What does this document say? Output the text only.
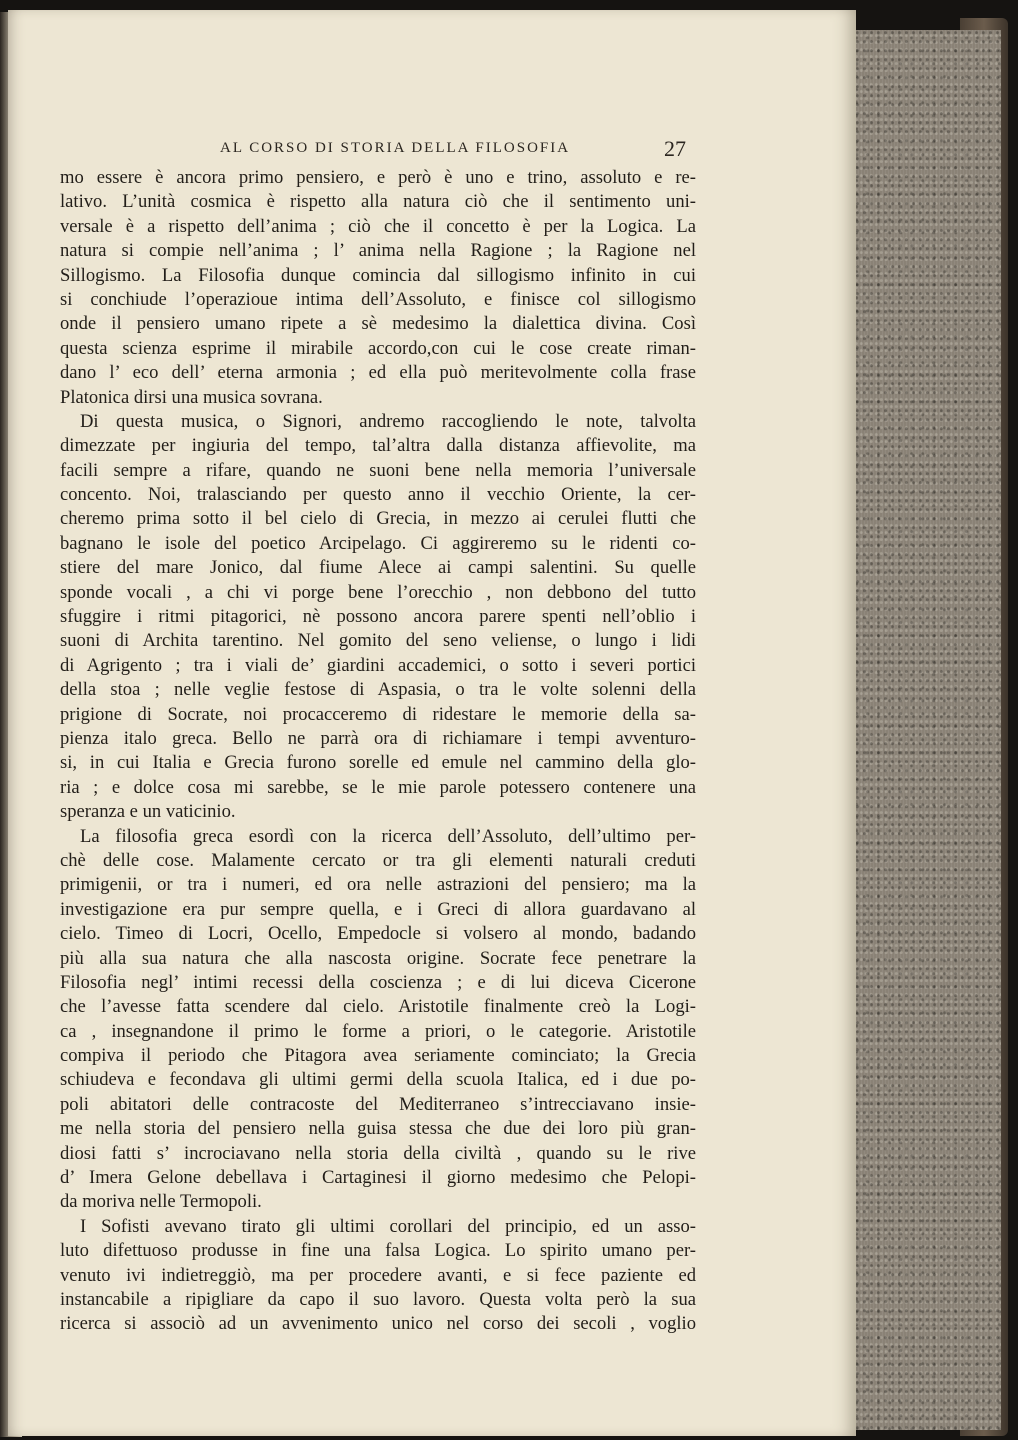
AL CORSO DI STORIA DELLA FILOSOFIA	27
mo essere è ancora primo pensiero, e però è uno e trino, assoluto e re-
lativo. L’unità cosmica è rispetto alla natura ciò che il sentimento uni-
versale è a rispetto dell’anima ; ciò che il concetto è per la Logica. La
natura si compie nell’anima ; l’ anima nella Ragione ; la Ragione nel
Sillogismo. La Filosofia dunque comincia dal sillogismo infinito in cui
si conchiude l’operazioue intima dell’Assoluto, e finisce col sillogismo
onde il pensiero umano ripete a sè medesimo la dialettica divina. Così
questa scienza esprime il mirabile accordo,con cui le cose create riman-
dano l’ eco dell’ eterna armonia ; ed ella può meritevolmente colla frase
Platonica dirsi una musica sovrana.
Di questa musica, o Signori, andremo raccogliendo le note, talvolta
dimezzate per ingiuria del tempo, tal’altra dalla distanza affievolite, ma
facili sempre a rifare, quando ne suoni bene nella memoria l’universale
concento. Noi, tralasciando per questo anno il vecchio Oriente, la cer-
cheremo prima sotto il bel cielo di Grecia, in mezzo ai cerulei flutti che
bagnano le isole del poetico Arcipelago. Ci aggireremo su le ridenti co-
stiere del mare Jonico, dal fiume Alece ai campi salentini. Su quelle
sponde vocali , a chi vi porge bene l’orecchio , non debbono del tutto
sfuggire i ritmi pitagorici, nè possono ancora parere spenti nell’oblio i
suoni di Archita tarentino. Nel gomito del seno veliense, o lungo i lidi
di Agrigento ; tra i viali de’ giardini accademici, o sotto i severi portici
della stoa ; nelle veglie festose di Aspasia, o tra le volte solenni della
prigione di Socrate, noi procacceremo di ridestare le memorie della sa-
pienza italo greca. Bello ne parrà ora di richiamare i tempi avventuro-
si, in cui Italia e Grecia furono sorelle ed emule nel cammino della glo-
ria ; e dolce cosa mi sarebbe, se le mie parole potessero contenere una
speranza e un vaticinio.
La filosofia greca esordì con la ricerca dell’Assoluto, dell’ultimo per-
chè delle cose. Malamente cercato or tra gli elementi naturali creduti
primigenii, or tra i numeri, ed ora nelle astrazioni del pensiero; ma la
investigazione era pur sempre quella, e i Greci di allora guardavano al
cielo. Timeo di Locri, Ocello, Empedocle si volsero al mondo, badando
più alla sua natura che alla nascosta origine. Socrate fece penetrare la
Filosofia negl’ intimi recessi della coscienza ; e di lui diceva Cicerone
che l’avesse fatta scendere dal cielo. Aristotile finalmente creò la Logi-
ca , insegnandone il primo le forme a priori, o le categorie. Aristotile
compiva il periodo che Pitagora avea seriamente cominciato; la Grecia
schiudeva e fecondava gli ultimi germi della scuola Italica, ed i due po-
poli abitatori delle contracoste del Mediterraneo s’intrecciavano insie-
me nella storia del pensiero nella guisa stessa che due dei loro più gran-
diosi fatti s’ incrociavano nella storia della civiltà , quando su le rive
d’ Imera Gelone debellava i Cartaginesi il giorno medesimo che Pelopi-
da moriva nelle Termopoli.
I Sofisti avevano tirato gli ultimi corollari del principio, ed un asso-
luto difettuoso produsse in fine una falsa Logica. Lo spirito umano per-
venuto ivi indietreggiò, ma per procedere avanti, e si fece paziente ed
instancabile a ripigliare da capo il suo lavoro. Questa volta però la sua
ricerca si associò ad un avvenimento unico nel corso dei secoli , voglio
